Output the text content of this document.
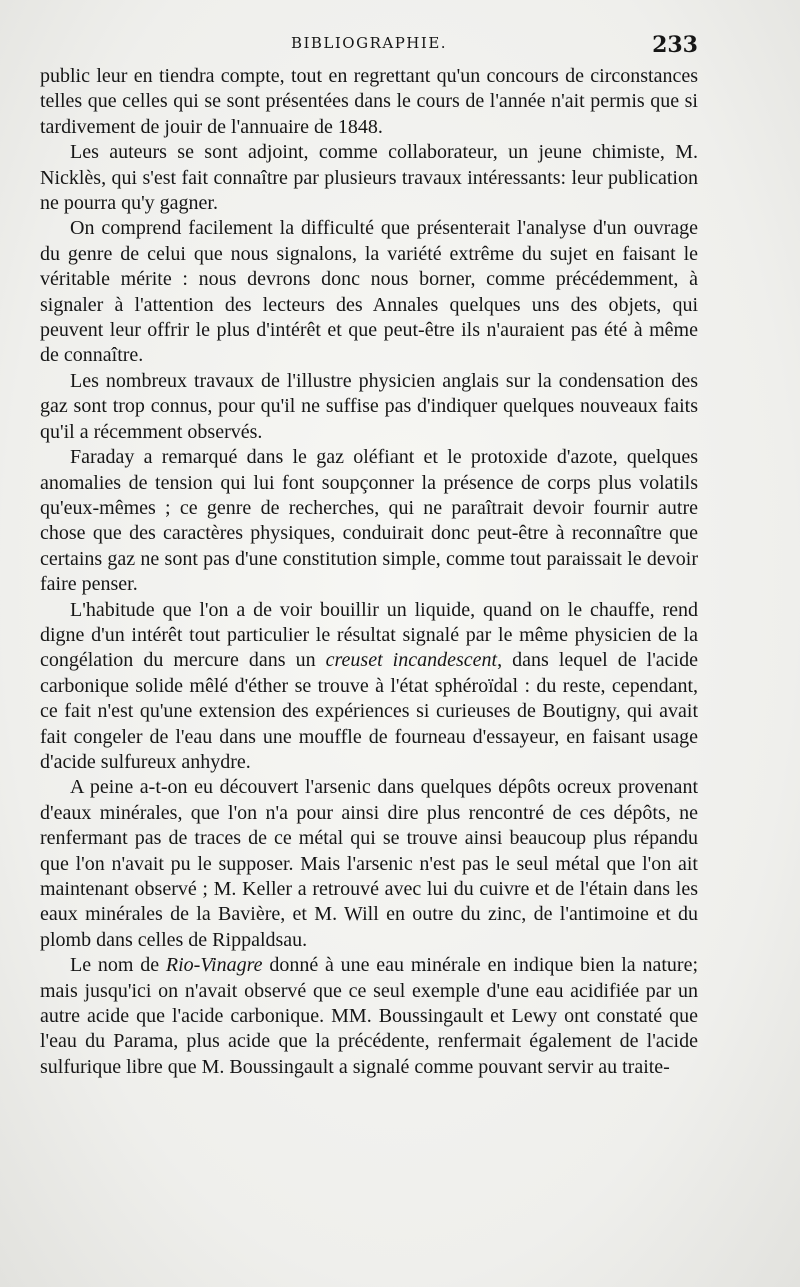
BIBLIOGRAPHIE.	233

public leur en tiendra compte, tout en regrettant qu'un concours de circonstances telles que celles qui se sont présentées dans le cours de l'année n'ait permis que si tardivement de jouir de l'annuaire de 1848.

Les auteurs se sont adjoint, comme collaborateur, un jeune chimiste, M. Nicklès, qui s'est fait connaître par plusieurs travaux intéressants: leur publication ne pourra qu'y gagner.

On comprend facilement la difficulté que présenterait l'analyse d'un ouvrage du genre de celui que nous signalons, la variété extrême du sujet en faisant le véritable mérite : nous devrons donc nous borner, comme précédemment, à signaler à l'attention des lecteurs des Annales quelques uns des objets, qui peuvent leur offrir le plus d'intérêt et que peut-être ils n'auraient pas été à même de connaître.

Les nombreux travaux de l'illustre physicien anglais sur la condensation des gaz sont trop connus, pour qu'il ne suffise pas d'indiquer quelques nouveaux faits qu'il a récemment observés.

Faraday a remarqué dans le gaz oléfiant et le protoxide d'azote, quelques anomalies de tension qui lui font soupçonner la présence de corps plus volatils qu'eux-mêmes ; ce genre de recherches, qui ne paraîtrait devoir fournir autre chose que des caractères physiques, conduirait donc peut-être à reconnaître que certains gaz ne sont pas d'une constitution simple, comme tout paraissait le devoir faire penser.

L'habitude que l'on a de voir bouillir un liquide, quand on le chauffe, rend digne d'un intérêt tout particulier le résultat signalé par le même physicien de la congélation du mercure dans un creuset incandescent, dans lequel de l'acide carbonique solide mêlé d'éther se trouve à l'état sphéroïdal : du reste, cependant, ce fait n'est qu'une extension des expériences si curieuses de Boutigny, qui avait fait congeler de l'eau dans une mouffle de fourneau d'essayeur, en faisant usage d'acide sulfureux anhydre.

A peine a-t-on eu découvert l'arsenic dans quelques dépôts ocreux provenant d'eaux minérales, que l'on n'a pour ainsi dire plus rencontré de ces dépôts, ne renfermant pas de traces de ce métal qui se trouve ainsi beaucoup plus répandu que l'on n'avait pu le supposer. Mais l'arsenic n'est pas le seul métal que l'on ait maintenant observé ; M. Keller a retrouvé avec lui du cuivre et de l'étain dans les eaux minérales de la Bavière, et M. Will en outre du zinc, de l'antimoine et du plomb dans celles de Rippaldsau.

Le nom de Rio-Vinagre donné à une eau minérale en indique bien la nature; mais jusqu'ici on n'avait observé que ce seul exemple d'une eau acidifiée par un autre acide que l'acide carbonique. MM. Boussingault et Lewy ont constaté que l'eau du Parama, plus acide que la précédente, renfermait également de l'acide sulfurique libre que M. Boussingault a signalé comme pouvant servir au traite-
